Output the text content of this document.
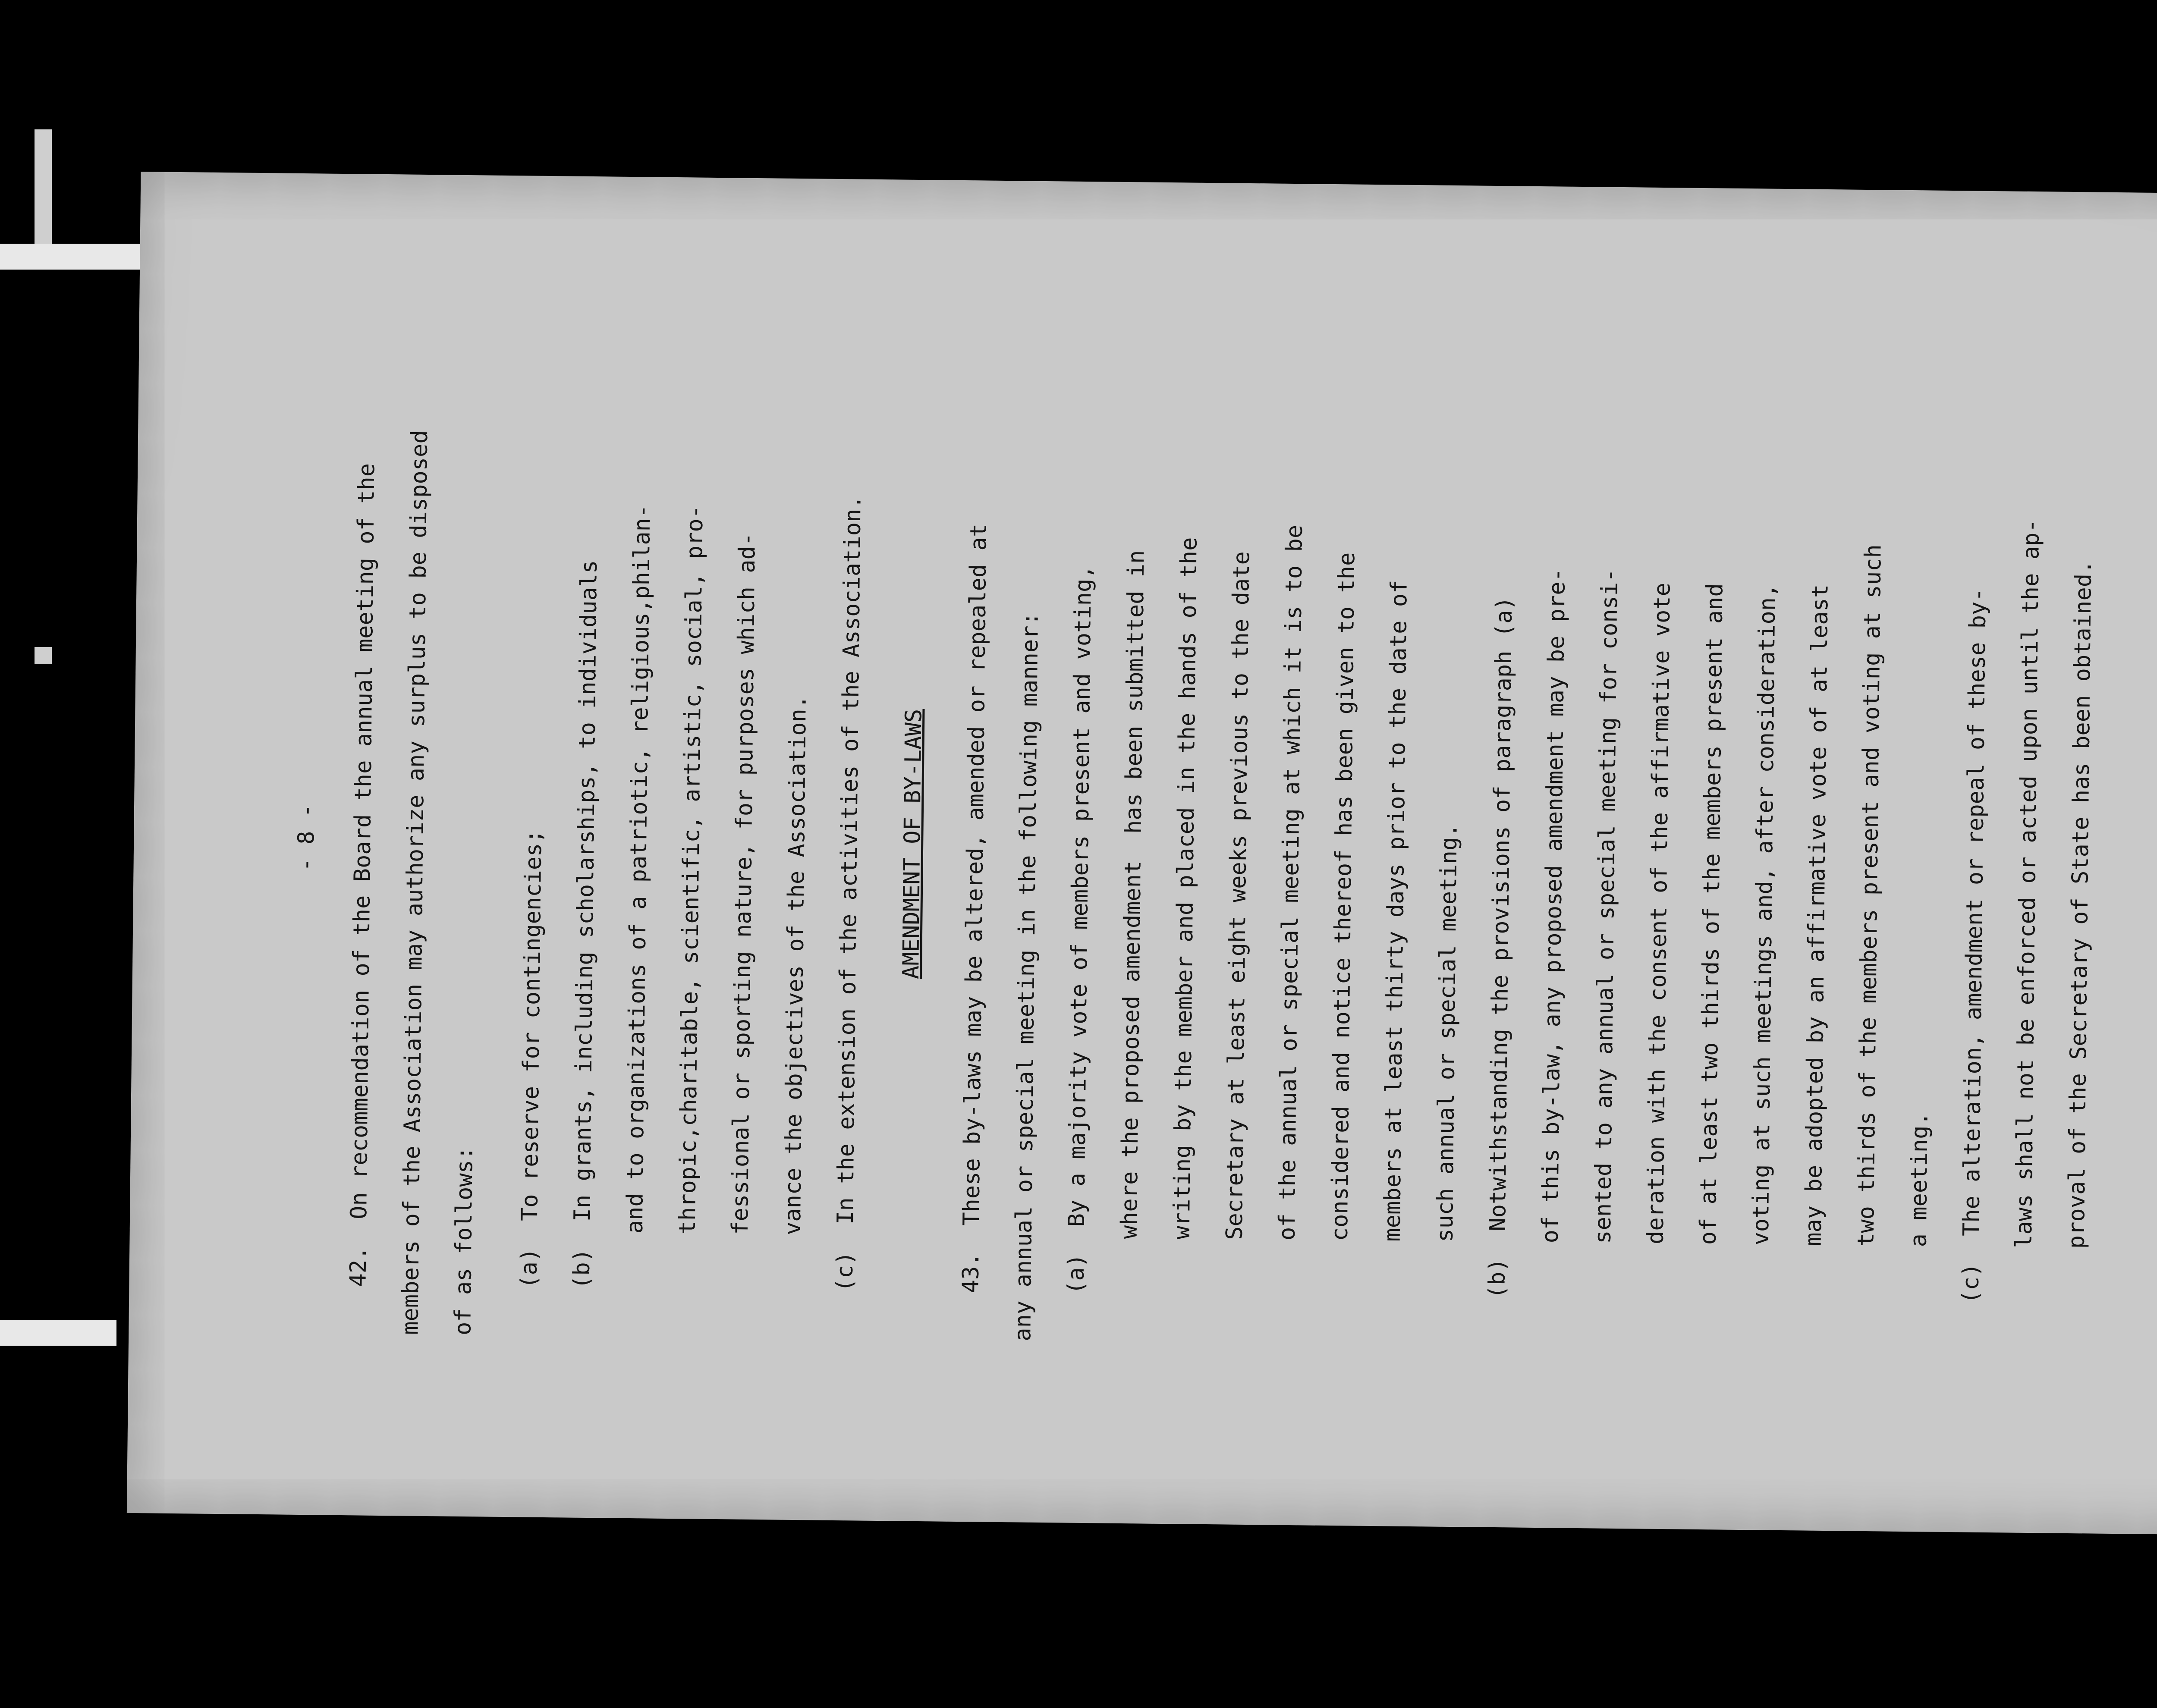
- 8 -	42.  On recommendation of the Board the annual meeting of the members of the Association may authorize any surplus to be disposed of as follows:	(a)  To reserve for contingencies; (b)  In grants, including scholarships, to individuals and to organizations of a patriotic, religious,philan- thropic,charitable, scientific, artistic, social, pro- fessional or sporting nature, for purposes which ad- vance the objectives of the Association. (c)  In the extension of the activities of the Association.	AMENDMENT OF BY-LAWS	43.  These by-laws may be altered, amended or repealed at any annual or special meeting in the following manner: (a)  By a majority vote of members present and voting, where the proposed amendment  has been submitted in writing by the member and placed in the hands of the Secretary at least eight weeks previous to the date of the annual or special meeting at which it is to be considered and notice thereof has been given to the members at least thirty days prior to the date of such annual or special meeting. (b)  Notwithstanding the provisions of paragraph (a) of this by-law, any proposed amendment may be pre- sented to any annual or special meeting for consi- deration with the consent of the affirmative vote of at least two thirds of the members present and voting at such meetings and, after consideration, may be adopted by an affirmative vote of at least two thirds of the members present and voting at such a meeting.	(c)  The alteration, amendment or repeal of these by- laws shall not be enforced or acted upon until the ap- proval of the Secretary of State has been obtained.
